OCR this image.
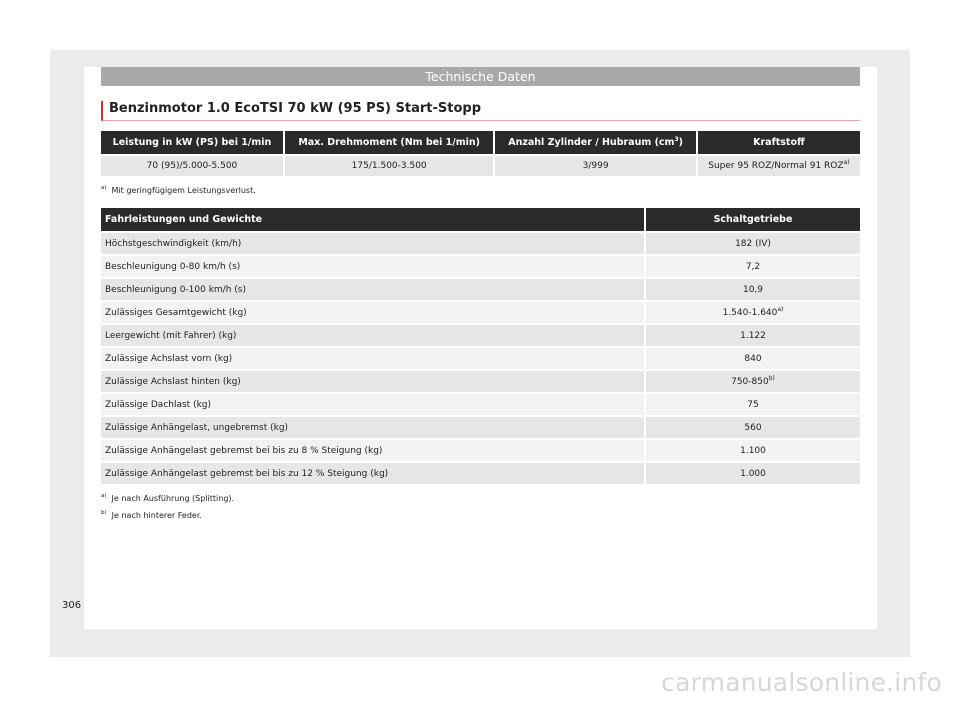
Technische Daten
Benzinmotor 1.0 EcoTSI 70 kW (95 PS) Start-Stopp
Leistung in kW (PS) bei 1/min	Max. Drehmoment (Nm bei 1/min)	Anzahl Zylinder / Hubraum $(cm^3)$	Kraftstoff
70 (95)/5.000-5.500	175/1.500-3.500	3/999	Super 95 ROZ/Normal 91 ROZ$^{a)}$
$^{a)}$ Mit geringfügigem Leistungsverlust.
Fahrleistungen und Gewichte	Schaltgetriebe
Höchstgeschwindigkeit (km/h)	182 (IV)
Beschleunigung 0-80 km/h (s)	7,2
Beschleunigung 0-100 km/h (s)	10,9
Zulässiges Gesamtgewicht (kg)	1.540-1.640$^{a)}$
Leergewicht (mit Fahrer) (kg)	1.122
Zulässige Achslast vorn (kg)	840
Zulässige Achslast hinten (kg)	750-850$^{b)}$
Zulässige Dachlast (kg)	75
Zulässige Anhängelast, ungebremst (kg)	560
Zulässige Anhängelast gebremst bei bis zu 8 % Steigung (kg)	1.100
Zulässige Anhängelast gebremst bei bis zu 12 % Steigung (kg)	1.000
$^{a)}$ Je nach Ausführung (Splitting).
$^{b)}$ Je nach hinterer Feder.
306
carmanualsonline.info
